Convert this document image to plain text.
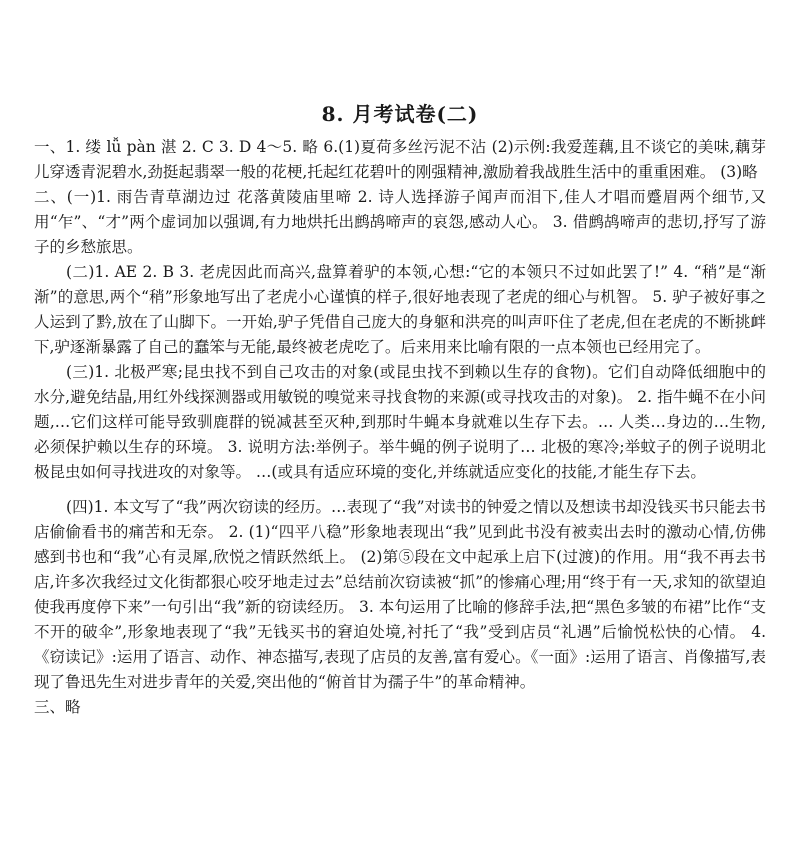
8. 月考试卷(二)

一、1. 缕 lǚ pàn 湛 2. C 3. D 4～5. 略 6.(1)夏荷多丝污泥不沾 (2)示例:我爱莲藕,且不谈它的美味,藕芽儿穿透青泥碧水,劲挺起翡翠一般的花梗,托起红花碧叶的刚强精神,激励着我战胜生活中的重重困难。 (3)略

二、(一)1. 雨告青草湖边过 花落黄陵庙里啼 2. 诗人选择游子闻声而泪下,佳人才唱而蹙眉两个细节,又用“乍”、“才”两个虚词加以强调,有力地烘托出鹧鸪啼声的哀怨,感动人心。 3. 借鹧鸪啼声的悲切,抒写了游子的乡愁旅思。

(二)1. AE 2. B 3. 老虎因此而高兴,盘算着驴的本领,心想:“它的本领只不过如此罢了!” 4. “稍”是“渐渐”的意思,两个“稍”形象地写出了老虎小心谨慎的样子,很好地表现了老虎的细心与机智。 5. 驴子被好事之人运到了黔,放在了山脚下。一开始,驴子凭借自己庞大的身躯和洪亮的叫声吓住了老虎,但在老虎的不断挑衅下,驴逐渐暴露了自己的蠢笨与无能,最终被老虎吃了。后来用来比喻有限的一点本领也已经用完了。

(三)1. 北极严寒;昆虫找不到自己攻击的对象(或昆虫找不到赖以生存的食物)。它们自动降低细胞中的水分,避免结晶,用红外线探测器或用敏锐的嗅觉来寻找食物的来源(或寻找攻击的对象)。 2. 指牛蝇不在小问题,…它们这样可能导致驯鹿群的锐减甚至灭种,到那时牛蝇本身就难以生存下去。… 人类…身边的…生物,必须保护赖以生存的环境。 3. 说明方法:举例子。举牛蝇的例子说明了… 北极的寒冷;举蚊子的例子说明北极昆虫如何寻找进攻的对象等。 …(或具有适应环境的变化,并练就适应变化的技能,才能生存下去。

(四)1. 本文写了“我”两次窃读的经历。…表现了“我”对读书的钟爱之情以及想读书却没钱买书只能去书店偷偷看书的痛苦和无奈。 2. (1)“四平八稳”形象地表现出“我”见到此书没有被卖出去时的激动心情,仿佛感到书也和“我”心有灵犀,欣悦之情跃然纸上。 (2)第⑤段在文中起承上启下(过渡)的作用。用“我不再去书店,许多次我经过文化街都狠心咬牙地走过去”总结前次窃读被“抓”的惨痛心理;用“终于有一天,求知的欲望迫使我再度停下来”一句引出“我”新的窃读经历。 3. 本句运用了比喻的修辞手法,把“黑色多皱的布裙”比作“支不开的破伞”,形象地表现了“我”无钱买书的窘迫处境,衬托了“我”受到店员“礼遇”后愉悦松快的心情。 4.《窃读记》:运用了语言、动作、神态描写,表现了店员的友善,富有爱心。《一面》:运用了语言、肖像描写,表现了鲁迅先生对进步青年的关爱,突出他的“俯首甘为孺子牛”的革命精神。

三、略
